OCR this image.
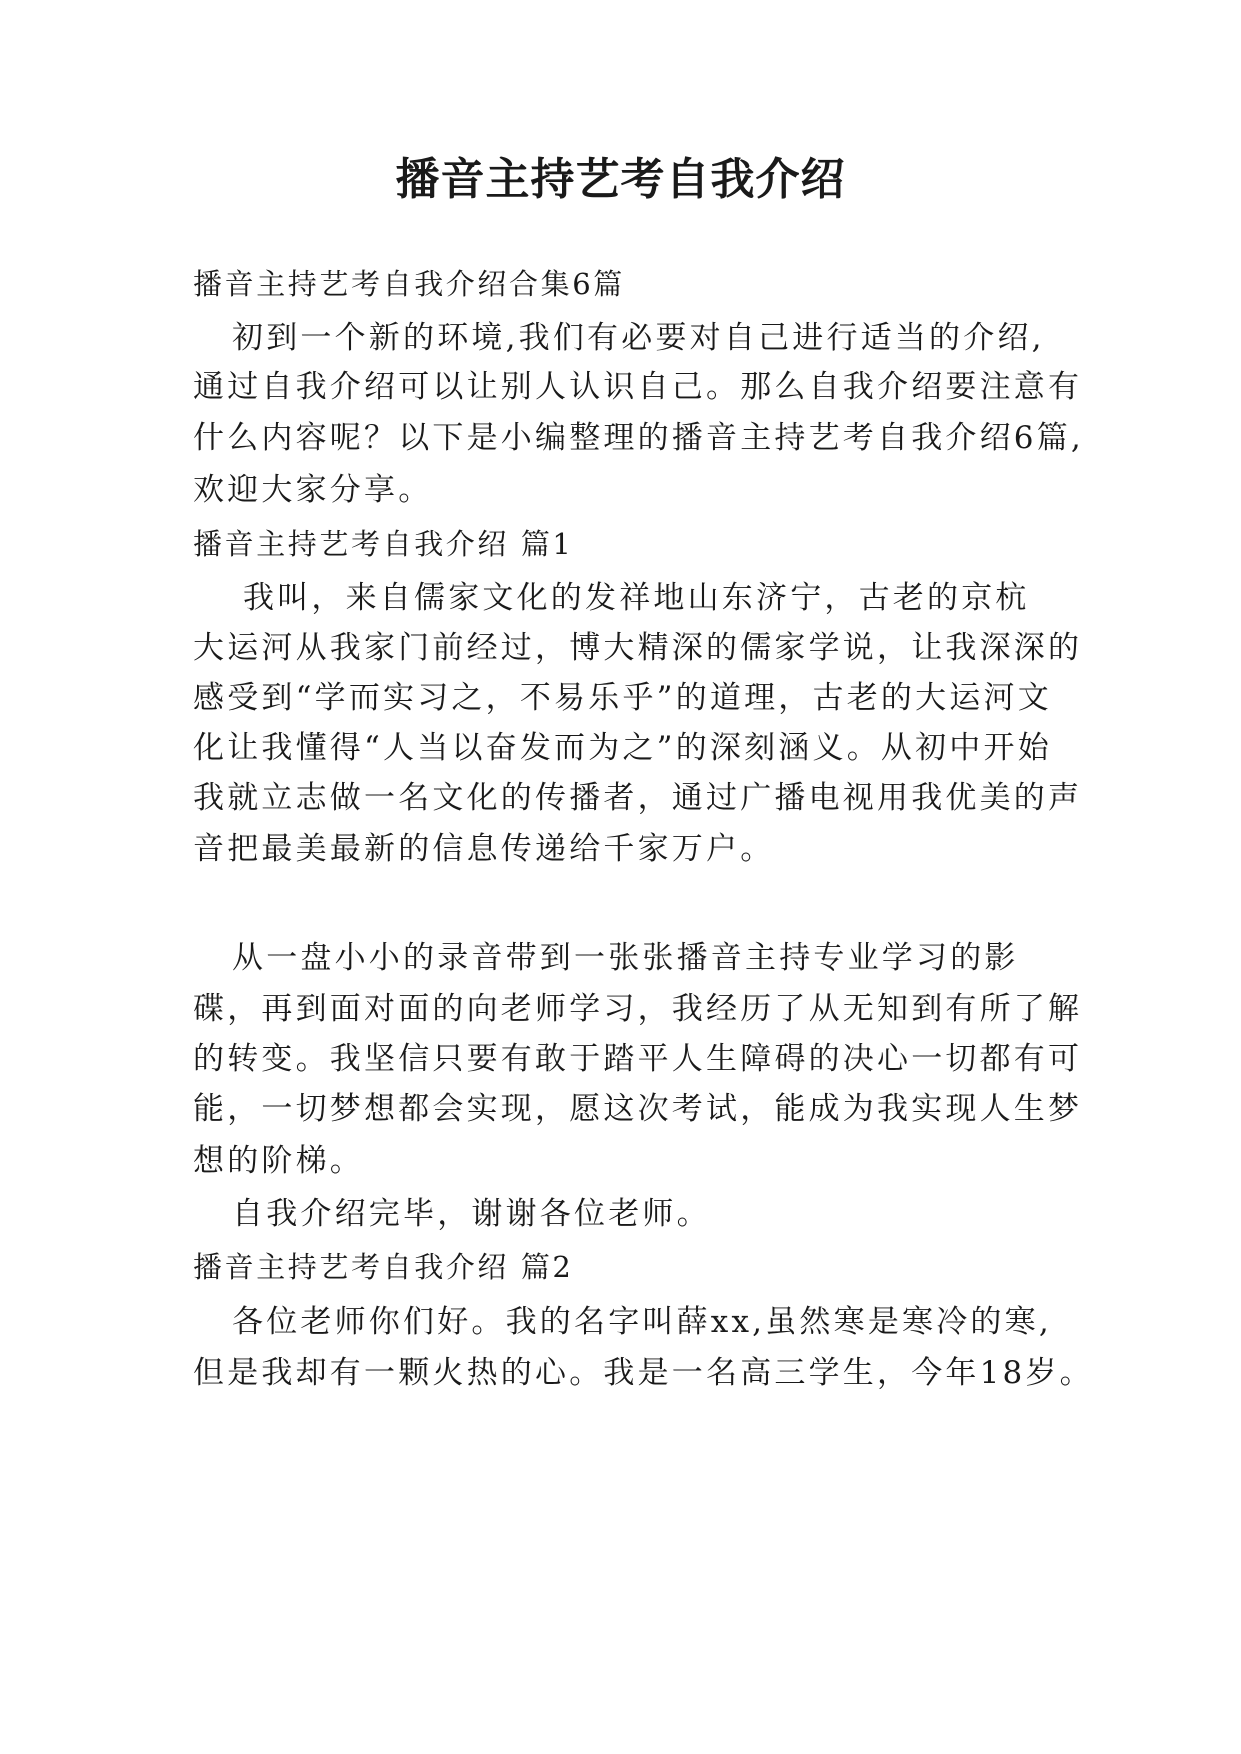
播音主持艺考自我介绍

播音主持艺考自我介绍合集6篇

初到一个新的环境,我们有必要对自己进行适当的介绍,

通过自我介绍可以让别人认识自己。那么自我介绍要注意有

什么内容呢？以下是小编整理的播音主持艺考自我介绍6篇,

欢迎大家分享。

播音主持艺考自我介绍 篇1

我叫，来自儒家文化的发祥地山东济宁，古老的京杭

大运河从我家门前经过，博大精深的儒家学说，让我深深的

感受到“学而实习之，不易乐乎”的道理，古老的大运河文

化让我懂得“人当以奋发而为之”的深刻涵义。从初中开始

我就立志做一名文化的传播者，通过广播电视用我优美的声

音把最美最新的信息传递给千家万户。

从一盘小小的录音带到一张张播音主持专业学习的影

碟，再到面对面的向老师学习，我经历了从无知到有所了解

的转变。我坚信只要有敢于踏平人生障碍的决心一切都有可

能，一切梦想都会实现，愿这次考试，能成为我实现人生梦

想的阶梯。

自我介绍完毕，谢谢各位老师。

播音主持艺考自我介绍 篇2

各位老师你们好。我的名字叫薛xx,虽然寒是寒冷的寒,

但是我却有一颗火热的心。我是一名高三学生，今年18岁。
